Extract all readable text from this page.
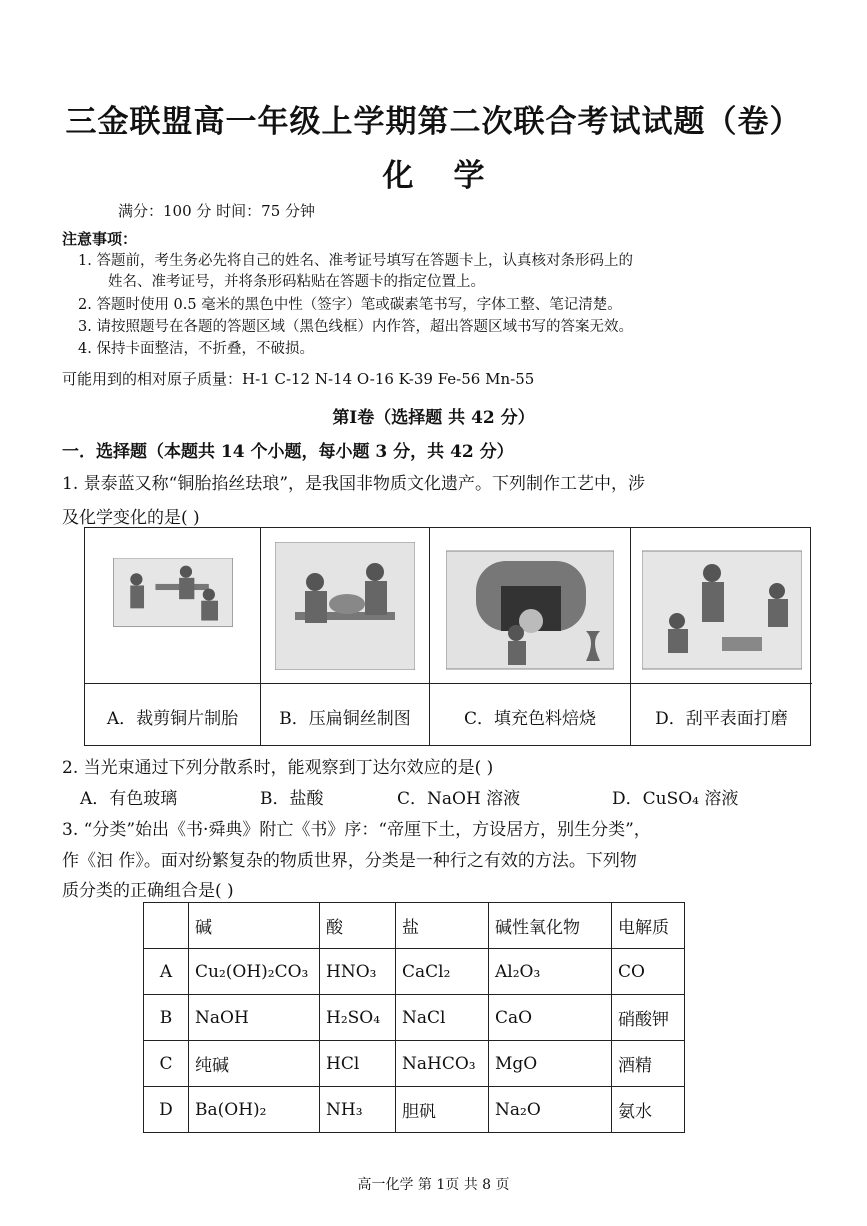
三金联盟高一年级上学期第二次联合考试试题（卷）
化学
满分：100 分 时间：75 分钟
注意事项：
1. 答题前，考生务必先将自己的姓名、准考证号填写在答题卡上，认真核对条形码上的
姓名、准考证号，并将条形码粘贴在答题卡的指定位置上。
2. 答题时使用 0.5 毫米的黑色中性（签字）笔或碳素笔书写，字体工整、笔记清楚。
3. 请按照题号在各题的答题区域（黑色线框）内作答，超出答题区域书写的答案无效。
4. 保持卡面整洁，不折叠，不破损。
可能用到的相对原子质量：H-1 C-12 N-14 O-16 K-39 Fe-56 Mn-55
第Ⅰ卷（选择题 共 42 分）
一．选择题（本题共 14 个小题，每小题 3 分，共 42 分）
1. 景泰蓝又称“铜胎掐丝珐琅”，是我国非物质文化遗产。下列制作工艺中，涉
及化学变化的是( )
A．裁剪铜片制胎	B．压扁铜丝制图	C．填充色料焙烧	D．刮平表面打磨
2. 当光束通过下列分散系时，能观察到丁达尔效应的是( )
A．有色玻璃	B．盐酸	C．NaOH 溶液	D．CuSO₄ 溶液
3. “分类”始出《书·舜典》附亡《书》序：“帝厘下土，方设居方，别生分类”，
作《汩 作》。面对纷繁复杂的物质世界，分类是一种行之有效的方法。下列物
质分类的正确组合是( )
	碱	酸	盐	碱性氧化物	电解质
A	Cu₂(OH)₂CO₃	HNO₃	CaCl₂	Al₂O₃	CO
B	NaOH	H₂SO₄	NaCl	CaO	硝酸钾
C	纯碱	HCl	NaHCO₃	MgO	酒精
D	Ba(OH)₂	NH₃	胆矾	Na₂O	氨水
高一化学 第 1页 共 8 页
